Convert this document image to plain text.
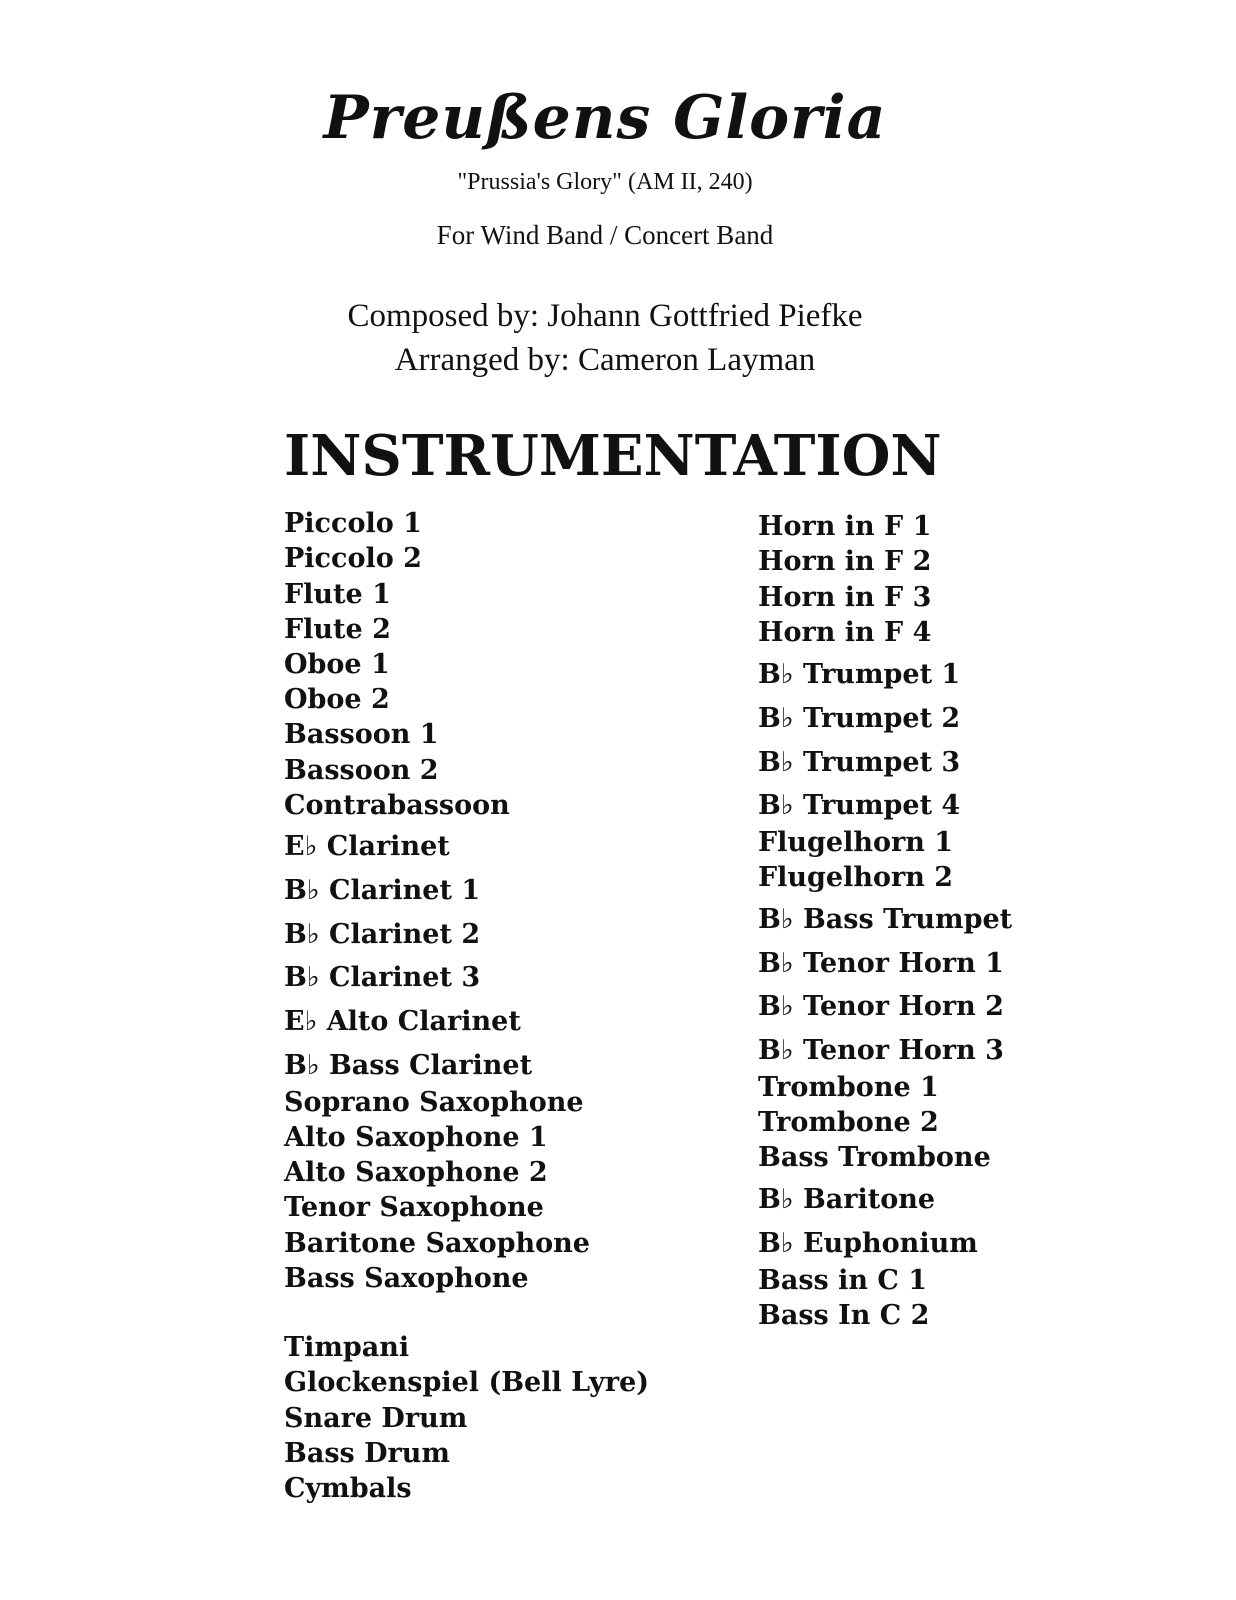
Preußens Gloria
"Prussia's Glory" (AM II, 240)
For Wind Band / Concert Band
Composed by: Johann Gottfried Piefke
Arranged by: Cameron Layman
INSTRUMENTATION
Piccolo 1
Piccolo 2
Flute 1
Flute 2
Oboe 1
Oboe 2
Bassoon 1
Bassoon 2
Contrabassoon
E♭ Clarinet
B♭ Clarinet 1
B♭ Clarinet 2
B♭ Clarinet 3
E♭ Alto Clarinet
B♭ Bass Clarinet
Soprano Saxophone
Alto Saxophone 1
Alto Saxophone 2
Tenor Saxophone
Baritone Saxophone
Bass Saxophone
Timpani
Glockenspiel (Bell Lyre)
Snare Drum
Bass Drum
Cymbals
Horn in F 1
Horn in F 2
Horn in F 3
Horn in F 4
B♭ Trumpet 1
B♭ Trumpet 2
B♭ Trumpet 3
B♭ Trumpet 4
Flugelhorn 1
Flugelhorn 2
B♭ Bass Trumpet
B♭ Tenor Horn 1
B♭ Tenor Horn 2
B♭ Tenor Horn 3
Trombone 1
Trombone 2
Bass Trombone
B♭ Baritone
B♭ Euphonium
Bass in C 1
Bass In C 2
